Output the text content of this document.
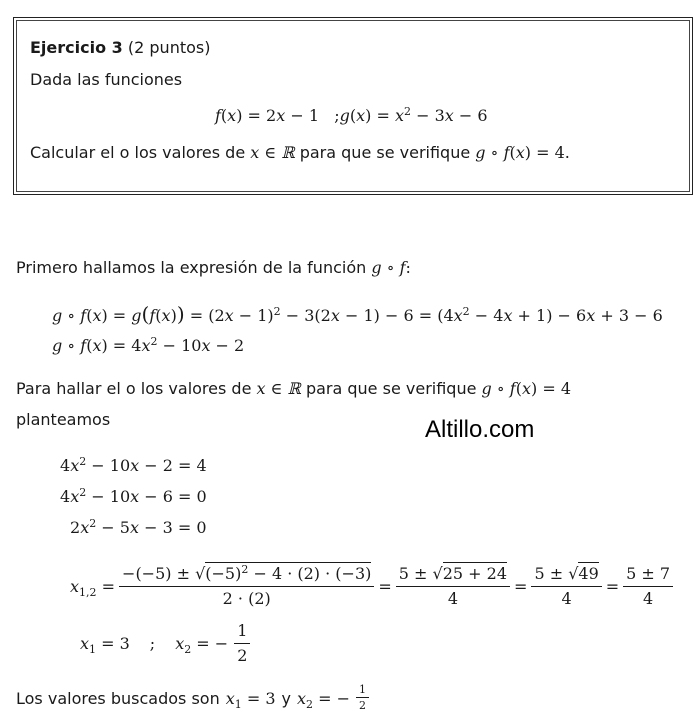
Ejercicio 3 (2 puntos)
Dada las funciones
f(x) = 2x − 1   ;g(x) = $x^2 - 3x - 6$
Calcular el o los valores de x ∈ ℝ para que se verifique g ∘ f(x) = 4.
Primero hallamos la expresión de la función g ∘ f:
g ∘ $f(x) = g(f(x)) = (2x - 1)^2 - 3(2x - 1) - 6 = (4x^2 - 4x + 1) - 6x + 3 - 6$
g ∘ $f(x) = 4x^2 - 10x - 2$
Para hallar el o los valores de x ∈ ℝ para que se verifique g ∘ f(x) = 4
planteamos	Altillo.com
$4x^2 - 10x - 2 = 4$
$4x^2 - 10x - 6 = 0$
$2x^2 - 5x - 3 = 0$
$x_{1,2} = \frac{-(-5) \pm √(-5)^2 - 4 \cdot (2) \cdot (-3)}{2 \cdot (2)} = \frac{5 \pm √25 + 24}{4} = \frac{5 \pm √49}{4} = \frac{5 \pm 7}{4}$
$x_1 = 3$ ; $x_2$ = − $\frac{1}{2}$
Los valores buscados son $x_1 = 3$ y $x_2$ = − $\frac{1}{2}$
